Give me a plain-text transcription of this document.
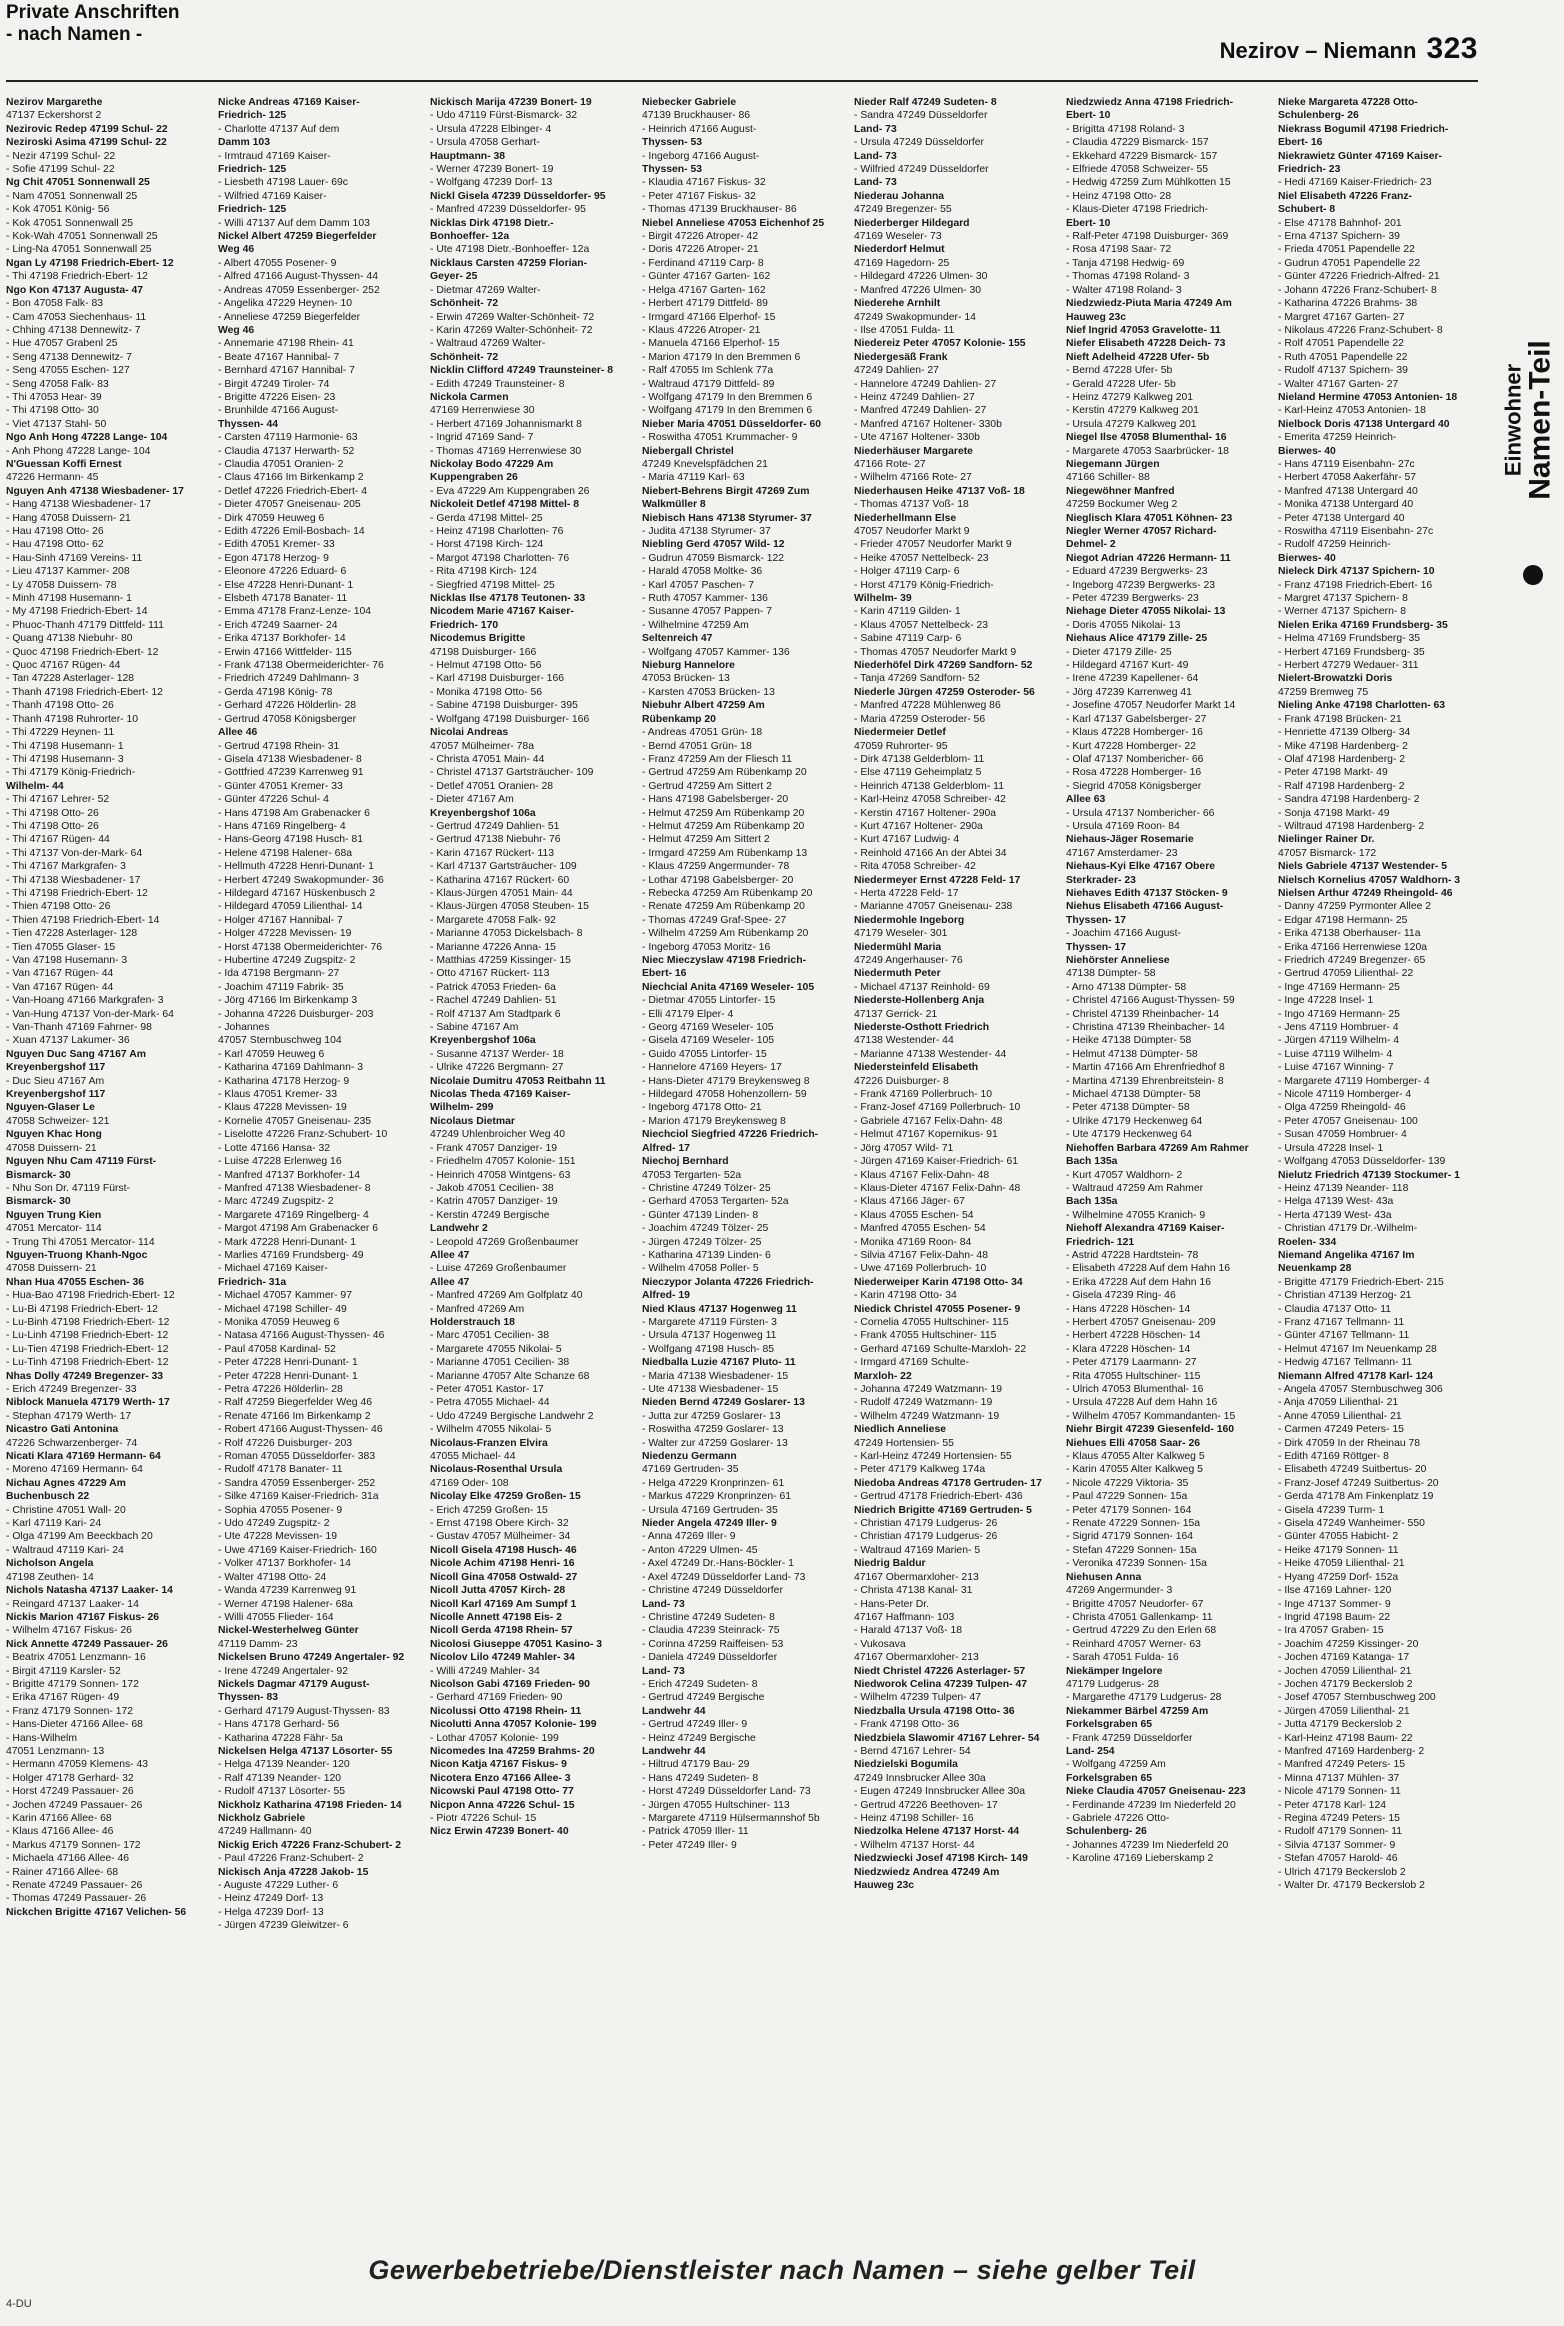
Private Anschriften
- nach Namen -
Nezirov – Niemann 323
Einwohner
Namen-Teil
Nezirov Margarethe
47137 Eckershorst 2
Nezirovic Redep 47199 Schul- 22
Neziroski Asima 47199 Schul- 22
- Nezir 47199 Schul- 22
- Sofie 47199 Schul- 22
Ng Chit 47051 Sonnenwall 25
- Nam 47051 Sonnenwall 25
- Kok 47051 König- 56
- Kok 47051 Sonnenwall 25
- Kok-Wah 47051 Sonnenwall 25
- Ling-Na 47051 Sonnenwall 25
Ngan Ly 47198 Friedrich-Ebert- 12
- Thi 47198 Friedrich-Ebert- 12
Ngo Kon 47137 Augusta- 47
- Bon 47058 Falk- 83
- Cam 47053 Siechenhaus- 11
- Chhing 47138 Dennewitz- 7
- Hue 47057 Grabenl 25
- Seng 47138 Dennewitz- 7
- Seng 47055 Eschen- 127
- Seng 47058 Falk- 83
- Thi 47053 Hear- 39
- Thi 47198 Otto- 30
- Viet 47137 Stahl- 50
Ngo Anh Hong 47228 Lange- 104
- Anh Phong 47228 Lange- 104
N'Guessan Koffi Ernest
47226 Hermann- 45
Nguyen Anh 47138 Wiesbadener- 17
- Hang 47138 Wiesbadener- 17
- Hang 47058 Duissern- 21
- Hau 47198 Otto- 26
- Hau 47198 Otto- 62
- Hau-Sinh 47169 Vereins- 11
- Lieu 47137 Kammer- 208
- Ly 47058 Duissern- 78
- Minh 47198 Husemann- 1
- My 47198 Friedrich-Ebert- 14
- Phuoc-Thanh 47179 Dittfeld- 111
- Quang 47138 Niebuhr- 80
- Quoc 47198 Friedrich-Ebert- 12
- Quoc 47167 Rügen- 44
- Tan 47228 Asterlager- 128
- Thanh 47198 Friedrich-Ebert- 12
- Thanh 47198 Otto- 26
- Thanh 47198 Ruhrorter- 10
- Thi 47229 Heynen- 11
- Thi 47198 Husemann- 1
- Thi 47198 Husemann- 3
- Thi 47179 König-Friedrich-
Wilhelm- 44
- Thi 47167 Lehrer- 52
- Thi 47198 Otto- 26
- Thi 47198 Otto- 26
- Thi 47167 Rügen- 44
- Thi 47137 Von-der-Mark- 64
- Thi 47167 Markgrafen- 3
- Thi 47138 Wiesbadener- 17
- Thi 47198 Friedrich-Ebert- 12
- Thien 47198 Otto- 26
- Thien 47198 Friedrich-Ebert- 14
- Tien 47228 Asterlager- 128
- Tien 47055 Glaser- 15
- Van 47198 Husemann- 3
- Van 47167 Rügen- 44
- Van 47167 Rügen- 44
- Van-Hoang 47166 Markgrafen- 3
- Van-Hung 47137 Von-der-Mark- 64
- Van-Thanh 47169 Fahrner- 98
- Xuan 47137 Lakumer- 36
Nguyen Duc Sang 47167 Am
Kreyenbergshof 117
- Duc Sieu 47167 Am
Kreyenbergshof 117
Nguyen-Glaser Le
47058 Schweizer- 121
Nguyen Khac Hong
47058 Duissern- 21
Nguyen Nhu Cam 47119 Fürst-
Bismarck- 30
- Nhu Son Dr. 47119 Fürst-
Bismarck- 30
Nguyen Trung Kien
47051 Mercator- 114
- Trung Thi 47051 Mercator- 114
Nguyen-Truong Khanh-Ngoc
47058 Duissern- 21
Nhan Hua 47055 Eschen- 36
- Hua-Bao 47198 Friedrich-Ebert- 12
- Lu-Bi 47198 Friedrich-Ebert- 12
- Lu-Binh 47198 Friedrich-Ebert- 12
- Lu-Linh 47198 Friedrich-Ebert- 12
- Lu-Tien 47198 Friedrich-Ebert- 12
- Lu-Tinh 47198 Friedrich-Ebert- 12
Nhas Dolly 47249 Bregenzer- 33
- Erich 47249 Bregenzer- 33
Niblock Manuela 47179 Werth- 17
- Stephan 47179 Werth- 17
Nicastro Gati Antonina
47226 Schwarzenberger- 74
Nicati Klara 47169 Hermann- 64
- Moreno 47169 Hermann- 64
Nichau Agnes 47229 Am
Buchenbusch 22
- Christine 47051 Wall- 20
- Karl 47119 Kari- 24
- Olga 47199 Am Beeckbach 20
- Waltraud 47119 Kari- 24
Nicholson Angela
47198 Zeuthen- 14
Nichols Natasha 47137 Laaker- 14
- Reingard 47137 Laaker- 14
Nickis Marion 47167 Fiskus- 26
- Wilhelm 47167 Fiskus- 26
Nick Annette 47249 Passauer- 26
- Beatrix 47051 Lenzmann- 16
- Birgit 47119 Karsler- 52
- Brigitte 47179 Sonnen- 172
- Erika 47167 Rügen- 49
- Franz 47179 Sonnen- 172
- Hans-Dieter 47166 Allee- 68
- Hans-Wilhelm
47051 Lenzmann- 13
- Hermann 47059 Klemens- 43
- Holger 47178 Gerhard- 32
- Horst 47249 Passauer- 26
- Jochen 47249 Passauer- 26
- Karin 47166 Allee- 68
- Klaus 47166 Allee- 46
- Markus 47179 Sonnen- 172
- Michaela 47166 Allee- 46
- Rainer 47166 Allee- 68
- Renate 47249 Passauer- 26
- Thomas 47249 Passauer- 26
Nickchen Brigitte 47167 Velichen- 56
Nicke Andreas 47169 Kaiser-
Friedrich- 125
- Charlotte 47137 Auf dem
Damm 103
- Irmtraud 47169 Kaiser-
Friedrich- 125
- Liesbeth 47198 Lauer- 69c
- Wilfried 47169 Kaiser-
Friedrich- 125
- Willi 47137 Auf dem Damm 103
Nickel Albert 47259 Biegerfelder
Weg 46
- Albert 47055 Posener- 9
- Alfred 47166 August-Thyssen- 44
- Andreas 47059 Essenberger- 252
- Angelika 47229 Heynen- 10
- Anneliese 47259 Biegerfelder
Weg 46
- Annemarie 47198 Rhein- 41
- Beate 47167 Hannibal- 7
- Bernhard 47167 Hannibal- 7
- Birgit 47249 Tiroler- 74
- Brigitte 47226 Eisen- 23
- Brunhilde 47166 August-
Thyssen- 44
- Carsten 47119 Harmonie- 63
- Claudia 47137 Herwarth- 52
- Claudia 47051 Oranien- 2
- Claus 47166 Im Birkenkamp 2
- Detlef 47226 Friedrich-Ebert- 4
- Dieter 47057 Gneisenau- 205
- Dirk 47059 Heuweg 6
- Edith 47226 Emil-Bosbach- 14
- Edith 47051 Kremer- 33
- Egon 47178 Herzog- 9
- Eleonore 47226 Eduard- 6
- Else 47228 Henri-Dunant- 1
- Elsbeth 47178 Banater- 11
- Emma 47178 Franz-Lenze- 104
- Erich 47249 Saarner- 24
- Erika 47137 Borkhofer- 14
- Erwin 47166 Wittfelder- 115
- Frank 47138 Obermeiderichter- 76
- Friedrich 47249 Dahlmann- 3
- Gerda 47198 König- 78
- Gerhard 47226 Hölderlin- 28
- Gertrud 47058 Königsberger
Allee 46
- Gertrud 47198 Rhein- 31
- Gisela 47138 Wiesbadener- 8
- Gottfried 47239 Karrenweg 91
- Günter 47051 Kremer- 33
- Günter 47226 Schul- 4
- Hans 47198 Am Grabenacker 6
- Hans 47169 Ringelberg- 4
- Hans-Georg 47198 Husch- 81
- Helene 47198 Halener- 68a
- Hellmuth 47228 Henri-Dunant- 1
- Herbert 47249 Swakopmunder- 36
- Hildegard 47167 Hüskenbusch 2
- Hildegard 47059 Lilienthal- 14
- Holger 47167 Hannibal- 7
- Holger 47228 Mevissen- 19
- Horst 47138 Obermeiderichter- 76
- Hubertine 47249 Zugspitz- 2
- Ida 47198 Bergmann- 27
- Joachim 47119 Fabrik- 35
- Jörg 47166 Im Birkenkamp 3
- Johanna 47226 Duisburger- 203
- Johannes
47057 Sternbuschweg 104
- Karl 47059 Heuweg 6
- Katharina 47169 Dahlmann- 3
- Katharina 47178 Herzog- 9
- Klaus 47051 Kremer- 33
- Klaus 47228 Mevissen- 19
- Kornelie 47057 Gneisenau- 235
- Liselotte 47226 Franz-Schubert- 10
- Lotte 47166 Hansa- 32
- Luise 47228 Erlenweg 16
- Manfred 47137 Borkhofer- 14
- Manfred 47138 Wiesbadener- 8
- Marc 47249 Zugspitz- 2
- Margarete 47169 Ringelberg- 4
- Margot 47198 Am Grabenacker 6
- Mark 47228 Henri-Dunant- 1
- Marlies 47169 Frundsberg- 49
- Michael 47169 Kaiser-
Friedrich- 31a
- Michael 47057 Kammer- 97
- Michael 47198 Schiller- 49
- Monika 47059 Heuweg 6
- Natasa 47166 August-Thyssen- 46
- Paul 47058 Kardinal- 52
- Peter 47228 Henri-Dunant- 1
- Peter 47228 Henri-Dunant- 1
- Petra 47226 Hölderlin- 28
- Ralf 47259 Biegerfelder Weg 46
- Renate 47166 Im Birkenkamp 2
- Robert 47166 August-Thyssen- 46
- Rolf 47226 Duisburger- 203
- Roman 47055 Düsseldorfer- 383
- Rudolf 47178 Banater- 11
- Sandra 47059 Essenberger- 252
- Silke 47169 Kaiser-Friedrich- 31a
- Sophia 47055 Posener- 9
- Udo 47249 Zugspitz- 2
- Ute 47228 Mevissen- 19
- Uwe 47169 Kaiser-Friedrich- 160
- Volker 47137 Borkhofer- 14
- Walter 47198 Otto- 24
- Wanda 47239 Karrenweg 91
- Werner 47198 Halener- 68a
- Willi 47055 Flieder- 164
Nickel-Westerhelweg Günter
47119 Damm- 23
Nickelsen Bruno 47249 Angertaler- 92
- Irene 47249 Angertaler- 92
Nickels Dagmar 47179 August-
Thyssen- 83
- Gerhard 47179 August-Thyssen- 83
- Hans 47178 Gerhard- 56
- Katharina 47228 Fähr- 5a
Nickelsen Helga 47137 Lösorter- 55
- Helga 47139 Neander- 120
- Ralf 47139 Neander- 120
- Rudolf 47137 Lösorter- 55
Nickholz Katharina 47198 Frieden- 14
Nickholz Gabriele
47249 Hallmann- 40
Nickig Erich 47226 Franz-Schubert- 2
- Paul 47226 Franz-Schubert- 2
Nickisch Anja 47228 Jakob- 15
- Auguste 47229 Luther- 6
- Heinz 47249 Dorf- 13
- Helga 47239 Dorf- 13
- Jürgen 47239 Gleiwitzer- 6
Nickisch Marija 47239 Bonert- 19
- Udo 47119 Fürst-Bismarck- 32
- Ursula 47228 Elbinger- 4
- Ursula 47058 Gerhart-
Hauptmann- 38
- Werner 47239 Bonert- 19
- Wolfgang 47239 Dorf- 13
Nickl Gisela 47239 Düsseldorfer- 95
- Manfred 47239 Düsseldorfer- 95
Nicklas Dirk 47198 Dietr.-
Bonhoeffer- 12a
- Ute 47198 Dietr.-Bonhoeffer- 12a
Nicklaus Carsten 47259 Florian-
Geyer- 25
- Dietmar 47269 Walter-
Schönheit- 72
- Erwin 47269 Walter-Schönheit- 72
- Karin 47269 Walter-Schönheit- 72
- Waltraud 47269 Walter-
Schönheit- 72
Nicklin Clifford 47249 Traunsteiner- 8
- Edith 47249 Traunsteiner- 8
Nickola Carmen
47169 Herrenwiese 30
- Herbert 47169 Johannismarkt 8
- Ingrid 47169 Sand- 7
- Thomas 47169 Herrenwiese 30
Nickolay Bodo 47229 Am
Kuppengraben 26
- Eva 47229 Am Kuppengraben 26
Nickoleit Detlef 47198 Mittel- 8
- Gerda 47198 Mittel- 25
- Heinz 47198 Charlotten- 76
- Horst 47198 Kirch- 124
- Margot 47198 Charlotten- 76
- Rita 47198 Kirch- 124
- Siegfried 47198 Mittel- 25
Nicklas Ilse 47178 Teutonen- 33
Nicodem Marie 47167 Kaiser-
Friedrich- 170
Nicodemus Brigitte
47198 Duisburger- 166
- Helmut 47198 Otto- 56
- Karl 47198 Duisburger- 166
- Monika 47198 Otto- 56
- Sabine 47198 Duisburger- 395
- Wolfgang 47198 Duisburger- 166
Nicolai Andreas
47057 Mülheimer- 78a
- Christa 47051 Main- 44
- Christel 47137 Gartsträucher- 109
- Detlef 47051 Oranien- 28
- Dieter 47167 Am
Kreyenbergshof 106a
- Gertrud 47249 Dahlien- 51
- Gertrud 47138 Niebuhr- 76
- Karin 47167 Rückert- 113
- Karl 47137 Gartsträucher- 109
- Katharina 47167 Rückert- 60
- Klaus-Jürgen 47051 Main- 44
- Klaus-Jürgen 47058 Steuben- 15
- Margarete 47058 Falk- 92
- Marianne 47053 Dickelsbach- 8
- Marianne 47226 Anna- 15
- Matthias 47259 Kissinger- 15
- Otto 47167 Rückert- 113
- Patrick 47053 Frieden- 6a
- Rachel 47249 Dahlien- 51
- Rolf 47137 Am Stadtpark 6
- Sabine 47167 Am
Kreyenbergshof 106a
- Susanne 47137 Werder- 18
- Ulrike 47226 Bergmann- 27
Nicolaie Dumitru 47053 Reitbahn 11
Nicolas Theda 47169 Kaiser-
Wilhelm- 299
Nicolaus Dietmar
47249 Uhlenbroicher Weg 40
- Frank 47057 Danziger- 19
- Friedhelm 47057 Kolonie- 151
- Heinrich 47058 Wintgens- 63
- Jakob 47051 Cecilien- 38
- Katrin 47057 Danziger- 19
- Kerstin 47249 Bergische
Landwehr 2
- Leopold 47269 Großenbaumer
Allee 47
- Luise 47269 Großenbaumer
Allee 47
- Manfred 47269 Am Golfplatz 40
- Manfred 47269 Am
Holderstrauch 18
- Marc 47051 Cecilien- 38
- Margarete 47055 Nikolai- 5
- Marianne 47051 Cecilien- 38
- Marianne 47057 Alte Schanze 68
- Peter 47051 Kastor- 17
- Petra 47055 Michael- 44
- Udo 47249 Bergische Landwehr 2
- Wilhelm 47055 Nikolai- 5
Nicolaus-Franzen Elvira
47055 Michael- 44
Nicolaus-Rosenthal Ursula
47169 Oder- 108
Nicolay Elke 47259 Großen- 15
- Erich 47259 Großen- 15
- Ernst 47198 Obere Kirch- 32
- Gustav 47057 Mülheimer- 34
Nicoll Gisela 47198 Husch- 46
Nicole Achim 47198 Henri- 16
Nicoll Gina 47058 Ostwald- 27
Nicoll Jutta 47057 Kirch- 28
Nicoll Karl 47169 Am Sumpf 1
Nicolle Annett 47198 Eis- 2
Nicoll Gerda 47198 Rhein- 57
Nicolosi Giuseppe 47051 Kasino- 3
Nicolov Lilo 47249 Mahler- 34
- Willi 47249 Mahler- 34
Nicolson Gabi 47169 Frieden- 90
- Gerhard 47169 Frieden- 90
Nicolussi Otto 47198 Rhein- 11
Nicolutti Anna 47057 Kolonie- 199
- Lothar 47057 Kolonie- 199
Nicomedes Ina 47259 Brahms- 20
Nicon Katja 47167 Fiskus- 9
Nicotera Enzo 47166 Allee- 3
Nicowski Paul 47198 Otto- 77
Nicpon Anna 47226 Schul- 15
- Piotr 47226 Schul- 15
Nicz Erwin 47239 Bonert- 40
Niebecker Gabriele
47139 Bruckhauser- 86
- Heinrich 47166 August-
Thyssen- 53
- Ingeborg 47166 August-
Thyssen- 53
- Klaudia 47167 Fiskus- 32
- Peter 47167 Fiskus- 32
- Thomas 47139 Bruckhauser- 86
Niebel Anneliese 47053 Eichenhof 25
- Birgit 47226 Atroper- 42
- Doris 47226 Atroper- 21
- Ferdinand 47119 Carp- 8
- Günter 47167 Garten- 162
- Helga 47167 Garten- 162
- Herbert 47179 Dittfeld- 89
- Irmgard 47166 Elperhof- 15
- Klaus 47226 Atroper- 21
- Manuela 47166 Elperhof- 15
- Marion 47179 In den Bremmen 6
- Ralf 47055 Im Schlenk 77a
- Waltraud 47179 Dittfeld- 89
- Wolfgang 47179 In den Bremmen 6
- Wolfgang 47179 In den Bremmen 6
Nieber Maria 47051 Düsseldorfer- 60
- Roswitha 47051 Krummacher- 9
Niebergall Christel
47249 Knevelspfädchen 21
- Maria 47119 Karl- 63
Niebert-Behrens Birgit 47269 Zum
Walkmüller 8
Niebisch Hans 47138 Styrumer- 37
- Judita 47138 Styrumer- 37
Niebling Gerd 47057 Wild- 12
- Gudrun 47059 Bismarck- 122
- Harald 47058 Moltke- 36
- Karl 47057 Paschen- 7
- Ruth 47057 Kammer- 136
- Susanne 47057 Pappen- 7
- Wilhelmine 47259 Am
Seltenreich 47
- Wolfgang 47057 Kammer- 136
Nieburg Hannelore
47053 Brücken- 13
- Karsten 47053 Brücken- 13
Niebuhr Albert 47259 Am
Rübenkamp 20
- Andreas 47051 Grün- 18
- Bernd 47051 Grün- 18
- Franz 47259 Am der Fliesch 11
- Gertrud 47259 Am Rübenkamp 20
- Gertrud 47259 Am Sittert 2
- Hans 47198 Gabelsberger- 20
- Helmut 47259 Am Rübenkamp 20
- Helmut 47259 Am Rübenkamp 20
- Helmut 47259 Am Sittert 2
- Irmgard 47259 Am Rübenkamp 13
- Klaus 47259 Angermunder- 78
- Lothar 47198 Gabelsberger- 20
- Rebecka 47259 Am Rübenkamp 20
- Renate 47259 Am Rübenkamp 20
- Thomas 47249 Graf-Spee- 27
- Wilhelm 47259 Am Rübenkamp 20
- Ingeborg 47053 Moritz- 16
Niec Mieczyslaw 47198 Friedrich-
Ebert- 16
Niechcial Anita 47169 Weseler- 105
- Dietmar 47055 Lintorfer- 15
- Elli 47179 Elper- 4
- Georg 47169 Weseler- 105
- Gisela 47169 Weseler- 105
- Guido 47055 Lintorfer- 15
- Hannelore 47169 Heyers- 17
- Hans-Dieter 47179 Breykensweg 8
- Hildegard 47058 Hohenzollern- 59
- Ingeborg 47178 Otto- 21
- Marion 47179 Breykensweg 8
Niechciol Siegfried 47226 Friedrich-
Alfred- 17
Niechoj Bernhard
47053 Tergarten- 52a
- Christine 47249 Tölzer- 25
- Gerhard 47053 Tergarten- 52a
- Günter 47139 Linden- 8
- Joachim 47249 Tölzer- 25
- Jürgen 47249 Tölzer- 25
- Katharina 47139 Linden- 6
- Wilhelm 47058 Poller- 5
Nieczypor Jolanta 47226 Friedrich-
Alfred- 19
Nied Klaus 47137 Hogenweg 11
- Margarete 47119 Fürsten- 3
- Ursula 47137 Hogenweg 11
- Wolfgang 47198 Husch- 85
Niedballa Luzie 47167 Pluto- 11
- Maria 47138 Wiesbadener- 15
- Ute 47138 Wiesbadener- 15
Nieden Bernd 47249 Goslarer- 13
- Jutta zur 47259 Goslarer- 13
- Roswitha 47259 Goslarer- 13
- Walter zur 47259 Goslarer- 13
Niedenzu Germann
47169 Gertruden- 35
- Helga 47229 Kronprinzen- 61
- Markus 47229 Kronprinzen- 61
- Ursula 47169 Gertruden- 35
Nieder Angela 47249 Iller- 9
- Anna 47269 Iller- 9
- Anton 47229 Ulmen- 45
- Axel 47249 Dr.-Hans-Böckler- 1
- Axel 47249 Düsseldorfer Land- 73
- Christine 47249 Düsseldorfer
Land- 73
- Christine 47249 Sudeten- 8
- Claudia 47239 Steinrack- 75
- Corinna 47259 Raiffeisen- 53
- Daniela 47249 Düsseldorfer
Land- 73
- Erich 47249 Sudeten- 8
- Gertrud 47249 Bergische
Landwehr 44
- Gertrud 47249 Iller- 9
- Heinz 47249 Bergische
Landwehr 44
- Hiltrud 47179 Bau- 29
- Hans 47249 Sudeten- 8
- Horst 47249 Düsseldorfer Land- 73
- Jürgen 47055 Hultschiner- 113
- Margarete 47119 Hülsermannshof 5b
- Patrick 47059 Iller- 11
- Peter 47249 Iller- 9
Nieder Ralf 47249 Sudeten- 8
- Sandra 47249 Düsseldorfer
Land- 73
- Ursula 47249 Düsseldorfer
Land- 73
- Wilfried 47249 Düsseldorfer
Land- 73
Niederau Johanna
47249 Bregenzer- 55
Niederberger Hildegard
47169 Weseler- 73
Niederdorf Helmut
47169 Hagedorn- 25
- Hildegard 47226 Ulmen- 30
- Manfred 47226 Ulmen- 30
Niederehe Arnhilt
47249 Swakopmunder- 14
- Ilse 47051 Fulda- 11
Niedereiz Peter 47057 Kolonie- 155
Niedergesäß Frank
47249 Dahlien- 27
- Hannelore 47249 Dahlien- 27
- Heinz 47249 Dahlien- 27
- Manfred 47249 Dahlien- 27
- Manfred 47167 Holtener- 330b
- Ute 47167 Holtener- 330b
Niederhäuser Margarete
47166 Rote- 27
- Wilhelm 47166 Rote- 27
Niederhausen Heike 47137 Voß- 18
- Thomas 47137 Voß- 18
Niederhellmann Else
47057 Neudorfer Markt 9
- Frieder 47057 Neudorfer Markt 9
- Heike 47057 Nettelbeck- 23
- Holger 47119 Carp- 6
- Horst 47179 König-Friedrich-
Wilhelm- 39
- Karin 47119 Gilden- 1
- Klaus 47057 Nettelbeck- 23
- Sabine 47119 Carp- 6
- Thomas 47057 Neudorfer Markt 9
Niederhöfel Dirk 47269 Sandforn- 52
- Tanja 47269 Sandforn- 52
Niederle Jürgen 47259 Osteroder- 56
- Manfred 47228 Mühlenweg 86
- Maria 47259 Osteroder- 56
Niedermeier Detlef
47059 Ruhrorter- 95
- Dirk 47138 Gelderblom- 11
- Else 47119 Geheimplatz 5
- Heinrich 47138 Gelderblom- 11
- Karl-Heinz 47058 Schreiber- 42
- Kerstin 47167 Holtener- 290a
- Kurt 47167 Holtener- 290a
- Kurt 47167 Ludwig- 4
- Reinhold 47166 An der Abtei 34
- Rita 47058 Schreiber- 42
Niedermeyer Ernst 47228 Feld- 17
- Herta 47228 Feld- 17
- Marianne 47057 Gneisenau- 238
Niedermohle Ingeborg
47179 Weseler- 301
Niedermühl Maria
47249 Angerhauser- 76
Niedermuth Peter
- Michael 47137 Reinhold- 69
Niederste-Hollenberg Anja
47137 Gerrick- 21
Niederste-Osthott Friedrich
47138 Westender- 44
- Marianne 47138 Westender- 44
Niedersteinfeld Elisabeth
47226 Duisburger- 8
- Frank 47169 Pollerbruch- 10
- Franz-Josef 47169 Pollerbruch- 10
- Gabriele 47167 Felix-Dahn- 48
- Helmut 47167 Kopernikus- 91
- Jörg 47057 Wild- 71
- Jürgen 47169 Kaiser-Friedrich- 61
- Klaus 47167 Felix-Dahn- 48
- Klaus-Dieter 47167 Felix-Dahn- 48
- Klaus 47166 Jäger- 67
- Klaus 47055 Eschen- 54
- Manfred 47055 Eschen- 54
- Monika 47169 Roon- 84
- Silvia 47167 Felix-Dahn- 48
- Uwe 47169 Pollerbruch- 10
Niederweiper Karin 47198 Otto- 34
- Karin 47198 Otto- 34
Niedick Christel 47055 Posener- 9
- Cornelia 47055 Hultschiner- 115
- Frank 47055 Hultschiner- 115
- Gerhard 47169 Schulte-Marxloh- 22
- Irmgard 47169 Schulte-
Marxloh- 22
- Johanna 47249 Watzmann- 19
- Rudolf 47249 Watzmann- 19
- Wilhelm 47249 Watzmann- 19
Niedlich Anneliese
47249 Hortensien- 55
- Karl-Heinz 47249 Hortensien- 55
- Peter 47179 Kalkweg 174a
Niedoba Andreas 47178 Gertruden- 17
- Gertrud 47178 Friedrich-Ebert- 436
Niedrich Brigitte 47169 Gertruden- 5
- Christian 47179 Ludgerus- 26
- Christian 47179 Ludgerus- 26
- Waltraud 47169 Marien- 5
Niedrig Baldur
47167 Obermarxloher- 213
- Christa 47138 Kanal- 31
- Hans-Peter Dr.
47167 Haffmann- 103
- Harald 47137 Voß- 18
- Vukosava
47167 Obermarxloher- 213
Niedt Christel 47226 Asterlager- 57
Niedworok Celina 47239 Tulpen- 47
- Wilhelm 47239 Tulpen- 47
Niedzballa Ursula 47198 Otto- 36
- Frank 47198 Otto- 36
Niedzbiela Slawomir 47167 Lehrer- 54
- Bernd 47167 Lehrer- 54
Niedzielski Bogumila
47249 Innsbrucker Allee 30a
- Eugen 47249 Innsbrucker Allee 30a
- Gertrud 47226 Beethoven- 17
- Heinz 47198 Schiller- 16
Niedzolka Helene 47137 Horst- 44
- Wilhelm 47137 Horst- 44
Niedzwiecki Josef 47198 Kirch- 149
Niedzwiedz Andrea 47249 Am
Hauweg 23c
Niedzwiedz Anna 47198 Friedrich-
Ebert- 10
- Brigitta 47198 Roland- 3
- Claudia 47229 Bismarck- 157
- Ekkehard 47229 Bismarck- 157
- Elfriede 47058 Schweizer- 55
- Hedwig 47259 Zum Mühlkotten 15
- Heinz 47198 Otto- 28
- Klaus-Dieter 47198 Friedrich-
Ebert- 10
- Ralf-Peter 47198 Duisburger- 369
- Rosa 47198 Saar- 72
- Tanja 47198 Hedwig- 69
- Thomas 47198 Roland- 3
- Walter 47198 Roland- 3
Niedzwiedz-Piuta Maria 47249 Am
Hauweg 23c
Nief Ingrid 47053 Gravelotte- 11
Niefer Elisabeth 47228 Deich- 73
Nieft Adelheid 47228 Ufer- 5b
- Bernd 47228 Ufer- 5b
- Gerald 47228 Ufer- 5b
- Heinz 47279 Kalkweg 201
- Kerstin 47279 Kalkweg 201
- Ursula 47279 Kalkweg 201
Niegel Ilse 47058 Blumenthal- 16
- Margarete 47053 Saarbrücker- 18
Niegemann Jürgen
47166 Schiller- 88
Niegewöhner Manfred
47259 Bockumer Weg 2
Nieglisch Klara 47051 Köhnen- 23
Niegler Werner 47057 Richard-
Dehmel- 2
Niegot Adrian 47226 Hermann- 11
- Eduard 47239 Bergwerks- 23
- Ingeborg 47239 Bergwerks- 23
- Peter 47239 Bergwerks- 23
Niehage Dieter 47055 Nikolai- 13
- Doris 47055 Nikolai- 13
Niehaus Alice 47179 Zille- 25
- Dieter 47179 Zille- 25
- Hildegard 47167 Kurt- 49
- Irene 47239 Kapellener- 64
- Jörg 47239 Karrenweg 41
- Josefine 47057 Neudorfer Markt 14
- Karl 47137 Gabelsberger- 27
- Klaus 47228 Homberger- 16
- Kurt 47228 Homberger- 22
- Olaf 47137 Nombericher- 66
- Rosa 47228 Homberger- 16
- Siegrid 47058 Königsberger
Allee 63
- Ursula 47137 Nombericher- 66
- Ursula 47169 Roon- 84
Niehaus-Jäger Rosemarie
47167 Amsterdamer- 23
Niehaus-Kyi Elke 47167 Obere
Sterkrader- 23
Niehaves Edith 47137 Stöcken- 9
Niehus Elisabeth 47166 August-
Thyssen- 17
- Joachim 47166 August-
Thyssen- 17
Niehörster Anneliese
47138 Dümpter- 58
- Arno 47138 Dümpter- 58
- Christel 47166 August-Thyssen- 59
- Christel 47139 Rheinbacher- 14
- Christina 47139 Rheinbacher- 14
- Heike 47138 Dümpter- 58
- Helmut 47138 Dümpter- 58
- Martin 47166 Am Ehrenfriedhof 8
- Martina 47139 Ehrenbreitstein- 8
- Michael 47138 Dümpter- 58
- Peter 47138 Dümpter- 58
- Ulrike 47179 Heckenweg 64
- Ute 47179 Heckenweg 64
Niehoffen Barbara 47269 Am Rahmer
Bach 135a
- Kurt 47057 Waldhorn- 2
- Waltraud 47259 Am Rahmer
Bach 135a
- Wilhelmine 47055 Kranich- 9
Niehoff Alexandra 47169 Kaiser-
Friedrich- 121
- Astrid 47228 Hardtstein- 78
- Elisabeth 47228 Auf dem Hahn 16
- Erika 47228 Auf dem Hahn 16
- Gisela 47239 Ring- 46
- Hans 47228 Höschen- 14
- Herbert 47057 Gneisenau- 209
- Herbert 47228 Höschen- 14
- Klara 47228 Höschen- 14
- Peter 47179 Laarmann- 27
- Rita 47055 Hultschiner- 115
- Ulrich 47053 Blumenthal- 16
- Ursula 47228 Auf dem Hahn 16
- Wilhelm 47057 Kommandanten- 15
Niehr Birgit 47239 Giesenfeld- 160
Niehues Elli 47058 Saar- 26
- Klaus 47055 Alter Kalkweg 5
- Karin 47055 Alter Kalkweg 5
- Nicole 47229 Viktoria- 35
- Paul 47229 Sonnen- 15a
- Peter 47179 Sonnen- 164
- Renate 47229 Sonnen- 15a
- Sigrid 47179 Sonnen- 164
- Stefan 47229 Sonnen- 15a
- Veronika 47239 Sonnen- 15a
Niehusen Anna
47269 Angermunder- 3
- Brigitte 47057 Neudorfer- 67
- Christa 47051 Gallenkamp- 11
- Gertrud 47229 Zu den Erlen 68
- Reinhard 47057 Werner- 63
- Sarah 47051 Fulda- 16
Niekämper Ingelore
47179 Ludgerus- 28
- Margarethe 47179 Ludgerus- 28
Niekammer Bärbel 47259 Am
Forkelsgraben 65
- Frank 47259 Düsseldorfer
Land- 254
- Wolfgang 47259 Am
Forkelsgraben 65
Nieke Claudia 47057 Gneisenau- 223
- Ferdinande 47239 Im Niederfeld 20
- Gabriele 47226 Otto-
Schulenberg- 26
- Johannes 47239 Im Niederfeld 20
- Karoline 47169 Lieberskamp 2
Nieke Margareta 47228 Otto-
Schulenberg- 26
Niekrass Bogumil 47198 Friedrich-
Ebert- 16
Niekrawietz Günter 47169 Kaiser-
Friedrich- 23
- Hedi 47169 Kaiser-Friedrich- 23
Niel Elisabeth 47226 Franz-
Schubert- 8
- Else 47178 Bahnhof- 201
- Erna 47137 Spichern- 39
- Frieda 47051 Papendelle 22
- Gudrun 47051 Papendelle 22
- Günter 47226 Friedrich-Alfred- 21
- Johann 47226 Franz-Schubert- 8
- Katharina 47226 Brahms- 38
- Margret 47167 Garten- 27
- Nikolaus 47226 Franz-Schubert- 8
- Rolf 47051 Papendelle 22
- Ruth 47051 Papendelle 22
- Rudolf 47137 Spichern- 39
- Walter 47167 Garten- 27
Nieland Hermine 47053 Antonien- 18
- Karl-Heinz 47053 Antonien- 18
Nielbock Doris 47138 Untergard 40
- Emerita 47259 Heinrich-
Bierwes- 40
- Hans 47119 Eisenbahn- 27c
- Herbert 47058 Aakerfähr- 57
- Manfred 47138 Untergard 40
- Monika 47138 Untergard 40
- Peter 47138 Untergard 40
- Roswitha 47119 Eisenbahn- 27c
- Rudolf 47259 Heinrich-
Bierwes- 40
Nieleck Dirk 47137 Spichern- 10
- Franz 47198 Friedrich-Ebert- 16
- Margret 47137 Spichern- 8
- Werner 47137 Spichern- 8
Nielen Erika 47169 Frundsberg- 35
- Helma 47169 Frundsberg- 35
- Herbert 47169 Frundsberg- 35
- Herbert 47279 Wedauer- 311
Nielert-Browatzki Doris
47259 Bremweg 75
Nieling Anke 47198 Charlotten- 63
- Frank 47198 Brücken- 21
- Henriette 47139 Olberg- 34
- Mike 47198 Hardenberg- 2
- Olaf 47198 Hardenberg- 2
- Peter 47198 Markt- 49
- Ralf 47198 Hardenberg- 2
- Sandra 47198 Hardenberg- 2
- Sonja 47198 Markt- 49
- Wiltraud 47198 Hardenberg- 2
Nielinger Rainer Dr.
47057 Bismarck- 172
Niels Gabriele 47137 Westender- 5
Nielsch Kornelius 47057 Waldhorn- 3
Nielsen Arthur 47249 Rheingold- 46
- Danny 47259 Pyrmonter Allee 2
- Edgar 47198 Hermann- 25
- Erika 47138 Oberhauser- 11a
- Erika 47166 Herrenwiese 120a
- Friedrich 47249 Bregenzer- 65
- Gertrud 47059 Lilienthal- 22
- Inge 47169 Hermann- 25
- Inge 47228 Insel- 1
- Ingo 47169 Hermann- 25
- Jens 47119 Hombruer- 4
- Jürgen 47119 Wilhelm- 4
- Luise 47119 Wilhelm- 4
- Luise 47167 Winning- 7
- Margarete 47119 Homberger- 4
- Nicole 47119 Homberger- 4
- Olga 47259 Rheingold- 46
- Peter 47057 Gneisenau- 100
- Susan 47059 Hombruer- 4
- Ursula 47228 Insel- 1
- Wolfgang 47053 Düsseldorfer- 139
Nielutz Friedrich 47139 Stockumer- 1
- Heinz 47139 Neander- 118
- Helga 47139 West- 43a
- Herta 47139 West- 43a
- Christian 47179 Dr.-Wilhelm-
Roelen- 334
Niemand Angelika 47167 Im
Neuenkamp 28
- Brigitte 47179 Friedrich-Ebert- 215
- Christian 47139 Herzog- 21
- Claudia 47137 Otto- 11
- Franz 47167 Tellmann- 11
- Günter 47167 Tellmann- 11
- Helmut 47167 Im Neuenkamp 28
- Hedwig 47167 Tellmann- 11
Niemann Alfred 47178 Karl- 124
- Angela 47057 Sternbuschweg 306
- Anja 47059 Lilienthal- 21
- Anne 47059 Lilienthal- 21
- Carmen 47249 Peters- 15
- Dirk 47059 In der Rheinau 78
- Edith 47169 Röttger- 8
- Elisabeth 47249 Suitbertus- 20
- Franz-Josef 47249 Suitbertus- 20
- Gerda 47178 Am Finkenplatz 19
- Gisela 47239 Turm- 1
- Gisela 47249 Wanheimer- 550
- Günter 47055 Habicht- 2
- Heike 47179 Sonnen- 11
- Heike 47059 Lilienthal- 21
- Hyang 47259 Dorf- 152a
- Ilse 47169 Lahner- 120
- Inge 47137 Sommer- 9
- Ingrid 47198 Baum- 22
- Ira 47057 Graben- 15
- Joachim 47259 Kissinger- 20
- Jochen 47169 Katanga- 17
- Jochen 47059 Lilienthal- 21
- Jochen 47179 Beckerslob 2
- Josef 47057 Sternbuschweg 200
- Jürgen 47059 Lilienthal- 21
- Jutta 47179 Beckerslob 2
- Karl-Heinz 47198 Baum- 22
- Manfred 47169 Hardenberg- 2
- Manfred 47249 Peters- 15
- Minna 47137 Mühlen- 37
- Nicole 47179 Sonnen- 11
- Peter 47178 Karl- 124
- Regina 47249 Peters- 15
- Rudolf 47179 Sonnen- 11
- Silvia 47137 Sommer- 9
- Stefan 47057 Harold- 46
- Ulrich 47179 Beckerslob 2
- Walter Dr. 47179 Beckerslob 2
Gewerbebetriebe/Dienstleister nach Namen – siehe gelber Teil
4-DU
